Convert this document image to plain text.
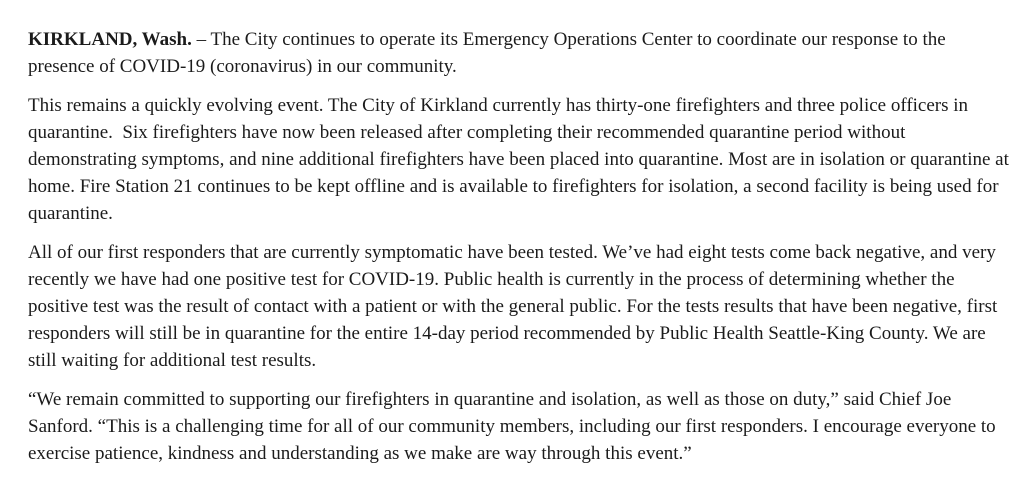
KIRKLAND, Wash. – The City continues to operate its Emergency Operations Center to coordinate our response to the presence of COVID-19 (coronavirus) in our community.

This remains a quickly evolving event. The City of Kirkland currently has thirty-one firefighters and three police officers in quarantine.  Six firefighters have now been released after completing their recommended quarantine period without demonstrating symptoms, and nine additional firefighters have been placed into quarantine. Most are in isolation or quarantine at home. Fire Station 21 continues to be kept offline and is available to firefighters for isolation, a second facility is being used for quarantine.

All of our first responders that are currently symptomatic have been tested. We’ve had eight tests come back negative, and very recently we have had one positive test for COVID-19. Public health is currently in the process of determining whether the positive test was the result of contact with a patient or with the general public. For the tests results that have been negative, first responders will still be in quarantine for the entire 14-day period recommended by Public Health Seattle-King County. We are still waiting for additional test results.

“We remain committed to supporting our firefighters in quarantine and isolation, as well as those on duty,” said Chief Joe Sanford. “This is a challenging time for all of our community members, including our first responders. I encourage everyone to exercise patience, kindness and understanding as we make are way through this event.”
